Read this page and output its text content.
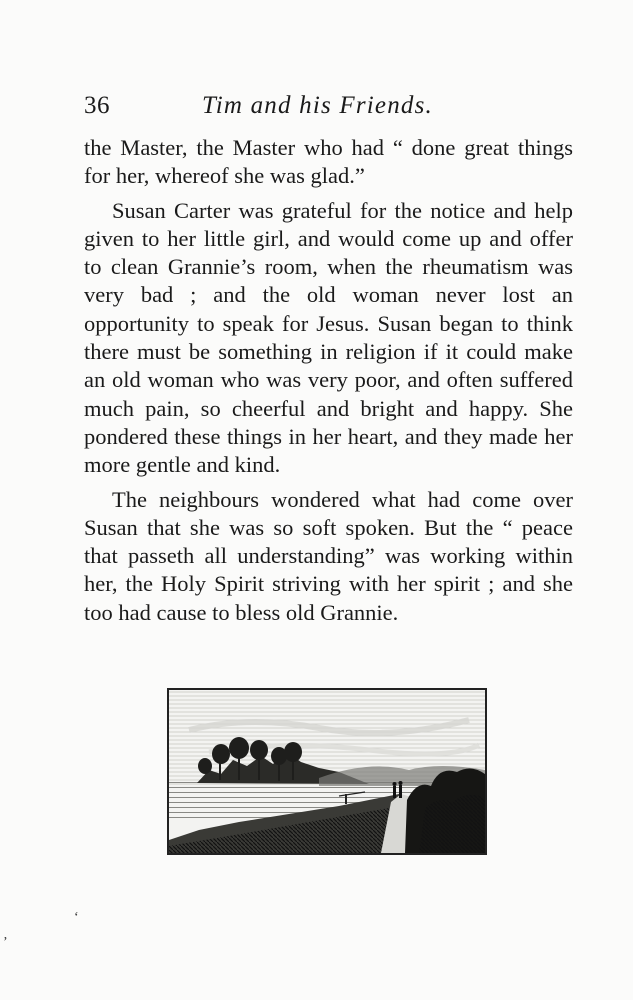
36	Tim and his Friends.

the Master, the Master who had “ done great things for her, whereof she was glad.”

Susan Carter was grateful for the notice and help given to her little girl, and would come up and offer to clean Grannie’s room, when the rheumatism was very bad ; and the old woman never lost an opportunity to speak for Jesus. Susan began to think there must be something in religion if it could make an old woman who was very poor, and often suffered much pain, so cheerful and bright and happy. She pondered these things in her heart, and they made her more gentle and kind.

The neighbours wondered what had come over Susan that she was so soft spoken. But the “ peace that passeth all understanding” was working within her, the Holy Spirit striving with her spirit ; and she too had cause to bless old Grannie.

‘
’
